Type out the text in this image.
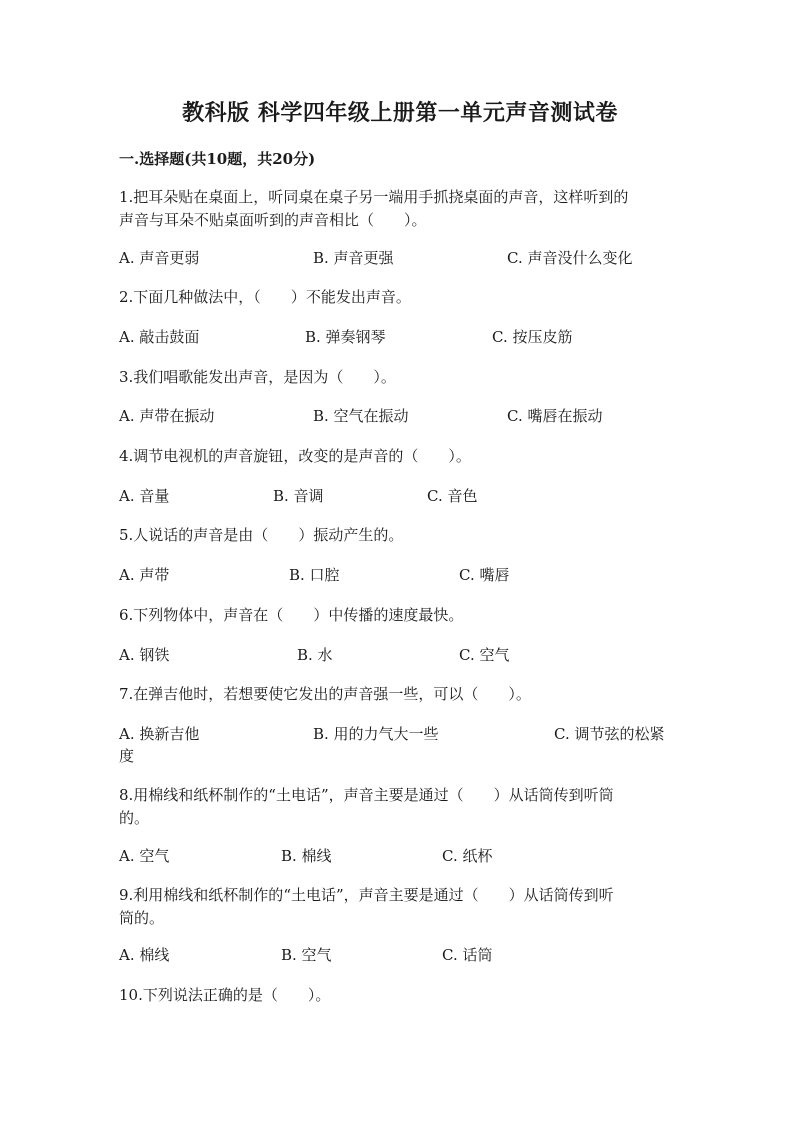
教科版 科学四年级上册第一单元声音测试卷
一.选择题(共10题，共20分)
1.把耳朵贴在桌面上，听同桌在桌子另一端用手抓挠桌面的声音，这样听到的
声音与耳朵不贴桌面听到的声音相比（　　）。
A. 声音更弱	B. 声音更强	C. 声音没什么变化
2.下面几种做法中，（　　）不能发出声音。
A. 敲击鼓面	B. 弹奏钢琴	C. 按压皮筋
3.我们唱歌能发出声音，是因为（　　）。
A. 声带在振动	B. 空气在振动	C. 嘴唇在振动
4.调节电视机的声音旋钮，改变的是声音的（　　）。
A. 音量	B. 音调	C. 音色
5.人说话的声音是由（　　）振动产生的。
A. 声带	B. 口腔	C. 嘴唇
6.下列物体中，声音在（　　）中传播的速度最快。
A. 钢铁	B. 水	C. 空气
7.在弹吉他时，若想要使它发出的声音强一些，可以（　　）。
A. 换新吉他	B. 用的力气大一些	C. 调节弦的松紧
度
8.用棉线和纸杯制作的“土电话”，声音主要是通过（　　）从话筒传到听筒
的。
A. 空气	B. 棉线	C. 纸杯
9.利用棉线和纸杯制作的“土电话”，声音主要是通过（　　）从话筒传到听
筒的。
A. 棉线	B. 空气	C. 话筒
10.下列说法正确的是（　　）。
